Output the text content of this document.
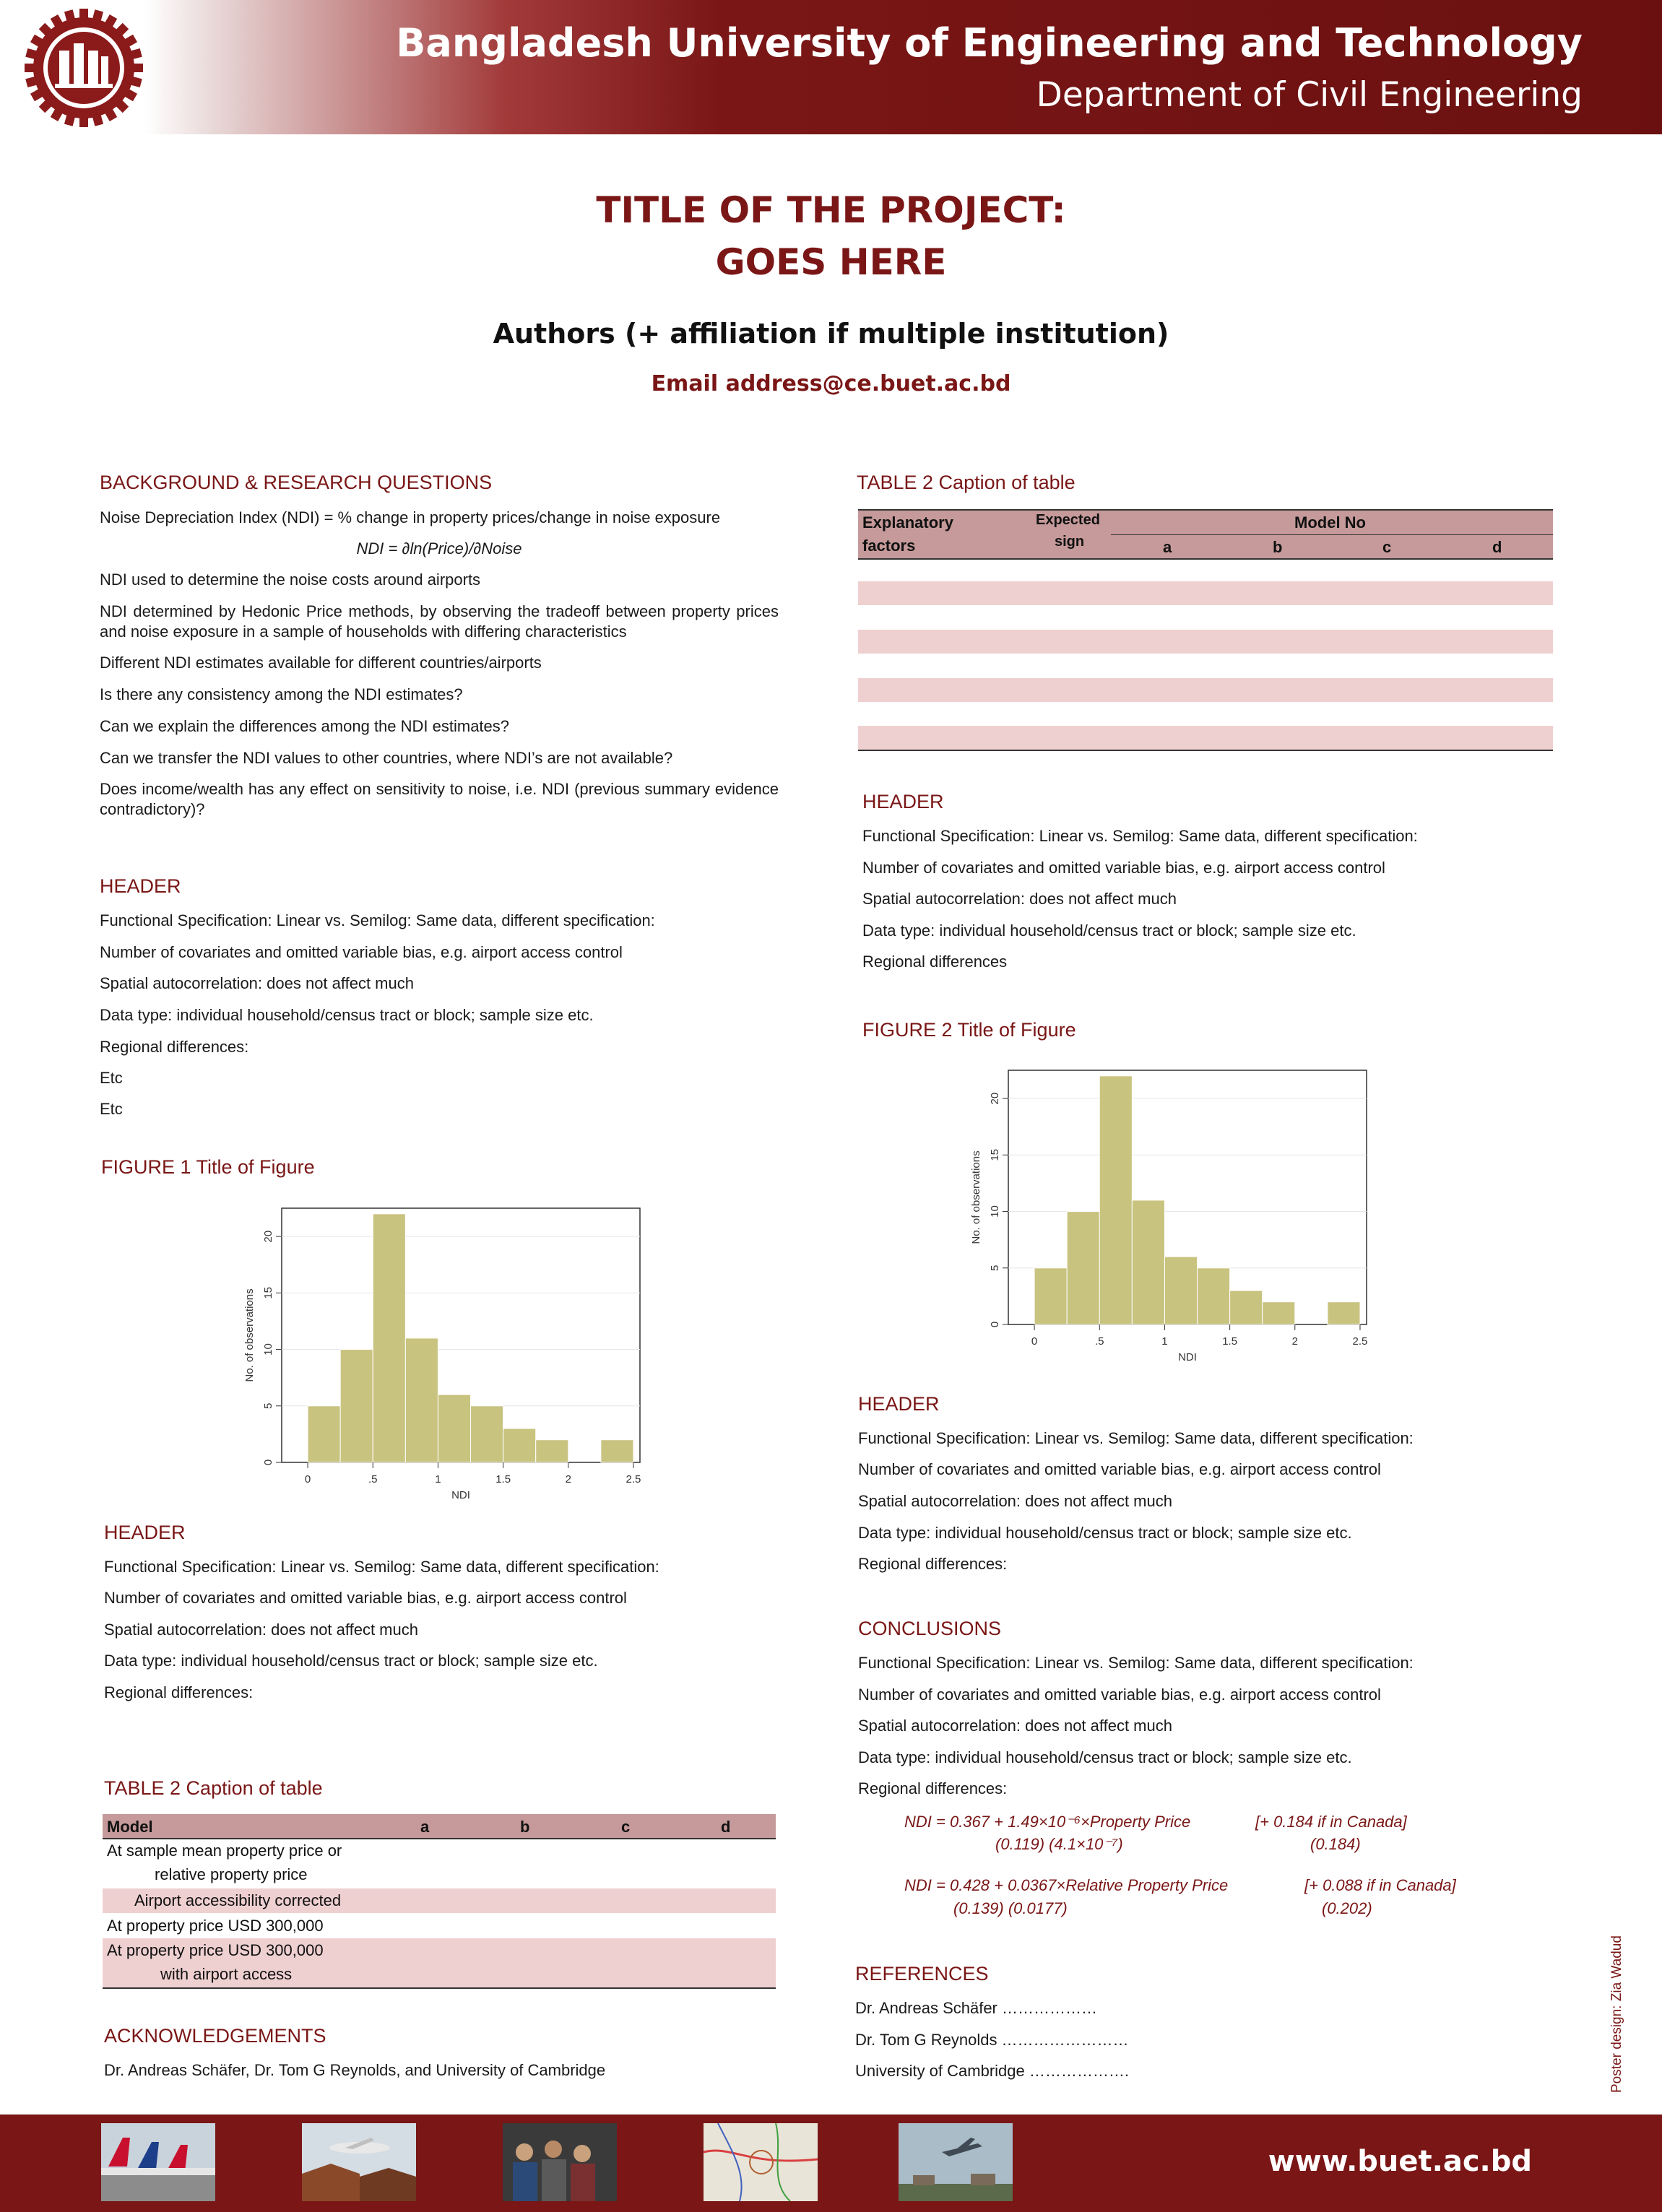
Bangladesh University of Engineering and Technology
Department of Civil Engineering
TITLE OF THE PROJECT:
GOES HERE
Authors (+ affiliation if multiple institution)
Email address@ce.buet.ac.bd
BACKGROUND & RESEARCH QUESTIONS
Noise Depreciation Index (NDI) = % change in property prices/change in noise exposure
NDI = ∂ln(Price)/∂Noise
NDI used to determine the noise costs around airports
NDI determined by Hedonic Price methods, by observing the tradeoff between property prices and noise exposure in a sample of households with differing characteristics
Different NDI estimates available for different countries/airports
Is there any consistency among the NDI estimates?
Can we explain the differences among the NDI estimates?
Can we transfer the NDI values to other countries, where NDI’s are not available?
Does income/wealth has any effect on sensitivity to noise, i.e. NDI (previous summary evidence contradictory)?
HEADER
Functional Specification: Linear vs. Semilog: Same data, different specification:
Number of covariates and omitted variable bias, e.g. airport access control
Spatial autocorrelation: does not affect much
Data type: individual household/census tract or block; sample size etc.
Regional differences:
Etc
Etc
FIGURE 1 Title of Figure
0
5
10
15
20
0	.5	1	1.5	2	2.5
NDI
No. of observations
HEADER
Functional Specification: Linear vs. Semilog: Same data, different specification:
Number of covariates and omitted variable bias, e.g. airport access control
Spatial autocorrelation: does not affect much
Data type: individual household/census tract or block; sample size etc.
Regional differences:
TABLE 2 Caption of table
Model	a	b	c	d
At sample mean property price or
relative property price
Airport accessibility corrected
At property price USD 300,000
At property price USD 300,000
with airport access
ACKNOWLEDGEMENTS
Dr. Andreas Schäfer, Dr. Tom G Reynolds, and University of Cambridge
TABLE 2 Caption of table
Explanatory
factors
Expected
sign
Model No
a	b	c	d
HEADER
Functional Specification: Linear vs. Semilog: Same data, different specification:
Number of covariates and omitted variable bias, e.g. airport access control
Spatial autocorrelation: does not affect much
Data type: individual household/census tract or block; sample size etc.
Regional differences
FIGURE 2 Title of Figure
0
5
10
15
20
0	.5	1	1.5	2	2.5
NDI
No. of observations
HEADER
Functional Specification: Linear vs. Semilog: Same data, different specification:
Number of covariates and omitted variable bias, e.g. airport access control
Spatial autocorrelation: does not affect much
Data type: individual household/census tract or block; sample size etc.
Regional differences:
CONCLUSIONS
Functional Specification: Linear vs. Semilog: Same data, different specification:
Number of covariates and omitted variable bias, e.g. airport access control
Spatial autocorrelation: does not affect much
Data type: individual household/census tract or block; sample size etc.
Regional differences:
NDI = 0.367 + 1.49×10⁻⁶×Property Price
(0.119) (4.1×10⁻⁷)
[+ 0.184 if in Canada]
(0.184)
NDI = 0.428 + 0.0367×Relative Property Price
(0.139) (0.0177)
[+ 0.088 if in Canada]
(0.202)
REFERENCES
Dr. Andreas Schäfer ………………
Dr. Tom G Reynolds ……………………
University of Cambridge ……………….	Poster design: Zia Wadud
www.buet.ac.bd
